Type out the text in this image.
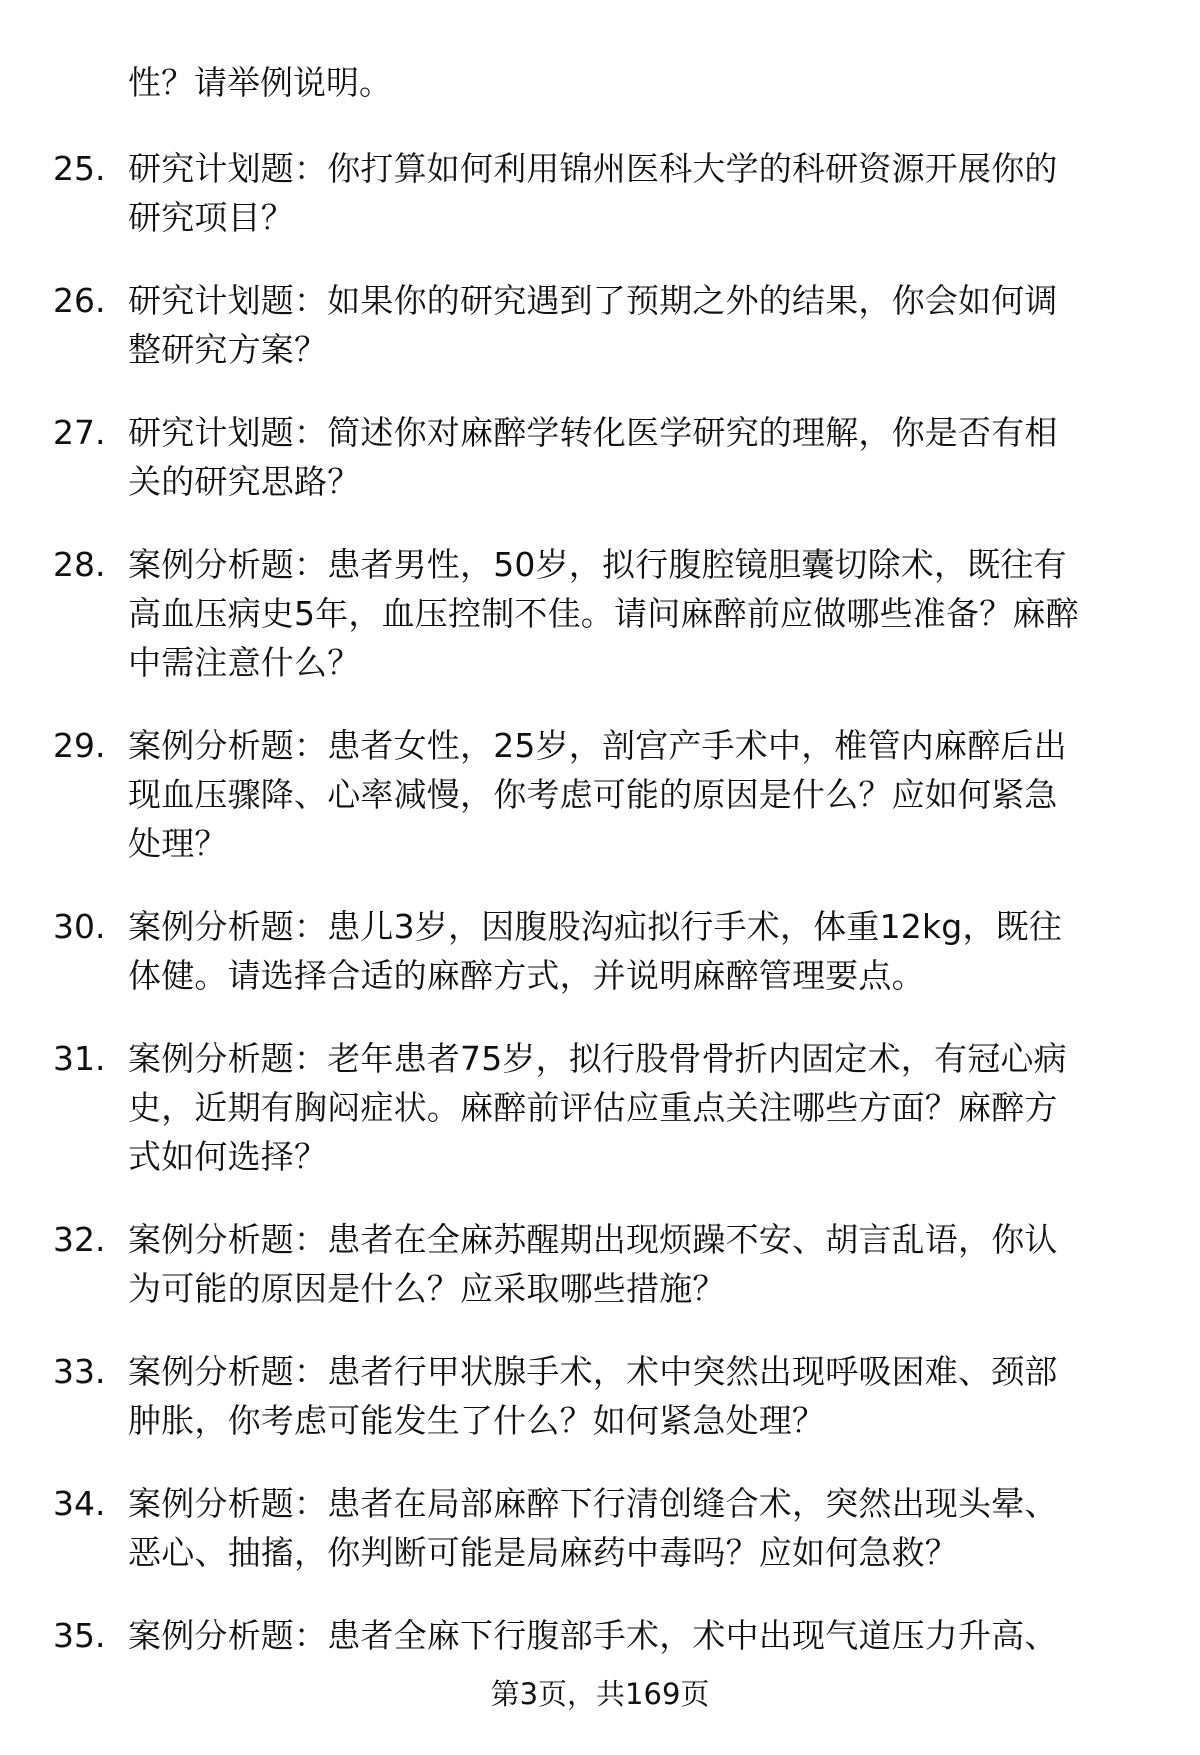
性？请举例说明。
25. 研究计划题：你打算如何利用锦州医科大学的科研资源开展你的
研究项目？
26. 研究计划题：如果你的研究遇到了预期之外的结果，你会如何调
整研究方案？
27. 研究计划题：简述你对麻醉学转化医学研究的理解，你是否有相
关的研究思路？
28. 案例分析题：患者男性，50岁，拟行腹腔镜胆囊切除术，既往有
高血压病史5年，血压控制不佳。请问麻醉前应做哪些准备？麻醉
中需注意什么？
29. 案例分析题：患者女性，25岁，剖宫产手术中，椎管内麻醉后出
现血压骤降、心率减慢，你考虑可能的原因是什么？应如何紧急
处理？
30. 案例分析题：患儿3岁，因腹股沟疝拟行手术，体重12kg，既往
体健。请选择合适的麻醉方式，并说明麻醉管理要点。
31. 案例分析题：老年患者75岁，拟行股骨骨折内固定术，有冠心病
史，近期有胸闷症状。麻醉前评估应重点关注哪些方面？麻醉方
式如何选择？
32. 案例分析题：患者在全麻苏醒期出现烦躁不安、胡言乱语，你认
为可能的原因是什么？应采取哪些措施？
33. 案例分析题：患者行甲状腺手术，术中突然出现呼吸困难、颈部
肿胀，你考虑可能发生了什么？如何紧急处理？
34. 案例分析题：患者在局部麻醉下行清创缝合术，突然出现头晕、
恶心、抽搐，你判断可能是局麻药中毒吗？应如何急救？
35. 案例分析题：患者全麻下行腹部手术，术中出现气道压力升高、
第3页，共169页
